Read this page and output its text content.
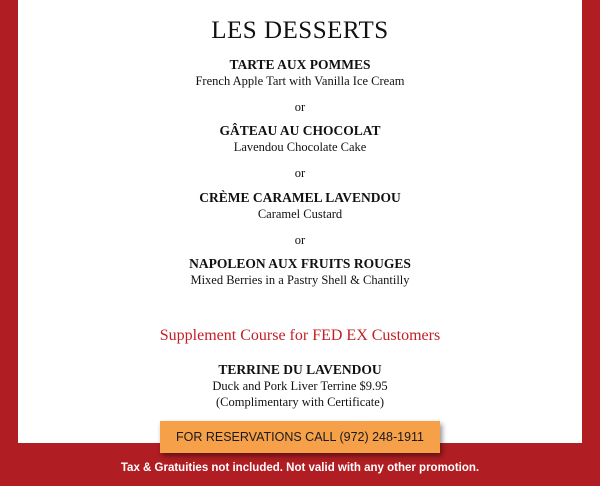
LES DESSERTS
TARTE AUX POMMES
French Apple Tart with Vanilla Ice Cream
or
GÂTEAU AU CHOCOLAT
Lavendou Chocolate Cake
or
CRÈME CARAMEL LAVENDOU
Caramel Custard
or
NAPOLEON AUX FRUITS ROUGES
Mixed Berries in a Pastry Shell & Chantilly
Supplement Course for FED EX Customers
TERRINE DU LAVENDOU
Duck and Pork Liver Terrine $9.95
(Complimentary with Certificate)
FOR RESERVATIONS CALL (972) 248-1911
Tax & Gratuities not included. Not valid with any other promotion.
